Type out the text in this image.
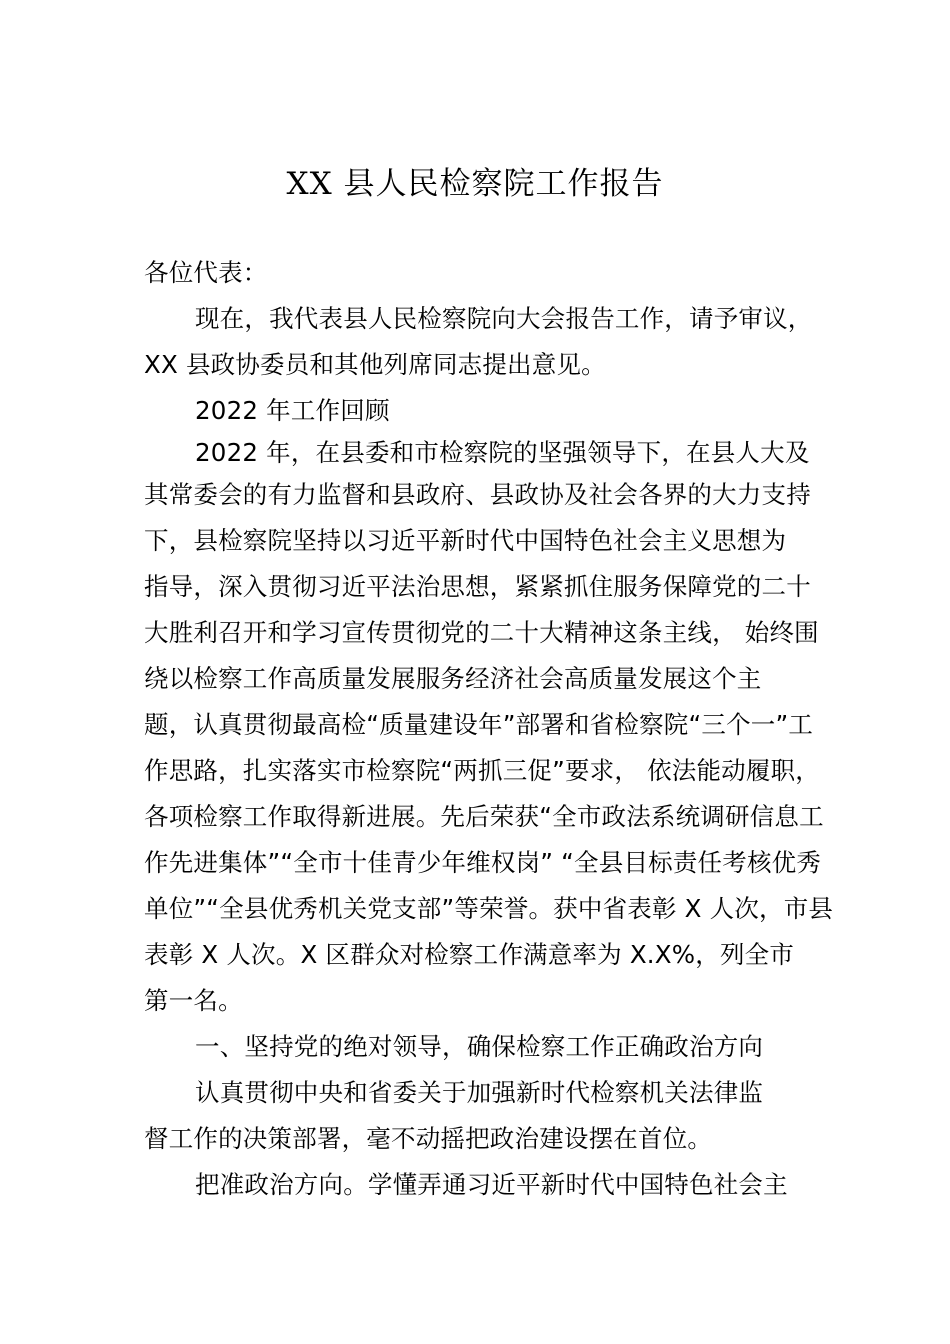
XX 县人民检察院工作报告
各位代表：
现在，我代表县人民检察院向大会报告工作，请予审议，
XX 县政协委员和其他列席同志提出意见。
2022 年工作回顾
2022 年，在县委和市检察院的坚强领导下，在县人大及
其常委会的有力监督和县政府、县政协及社会各界的大力支持
下，县检察院坚持以习近平新时代中国特色社会主义思想为
指导，深入贯彻习近平法治思想，紧紧抓住服务保障党的二十
大胜利召开和学习宣传贯彻党的二十大精神这条主线， 始终围
绕以检察工作高质量发展服务经济社会高质量发展这个主
题，认真贯彻最高检“质量建设年”部署和省检察院“三个一”工
作思路，扎实落实市检察院“两抓三促”要求， 依法能动履职，
各项检察工作取得新进展。先后荣获“全市政法系统调研信息工
作先进集体”“全市十佳青少年维权岗” “全县目标责任考核优秀
单位”“全县优秀机关党支部”等荣誉。获中省表彰 X 人次，市县
表彰 X 人次。X 区群众对检察工作满意率为 X.X%，列全市
第一名。
一、坚持党的绝对领导，确保检察工作正确政治方向
认真贯彻中央和省委关于加强新时代检察机关法律监
督工作的决策部署，毫不动摇把政治建设摆在首位。
把准政治方向。学懂弄通习近平新时代中国特色社会主
